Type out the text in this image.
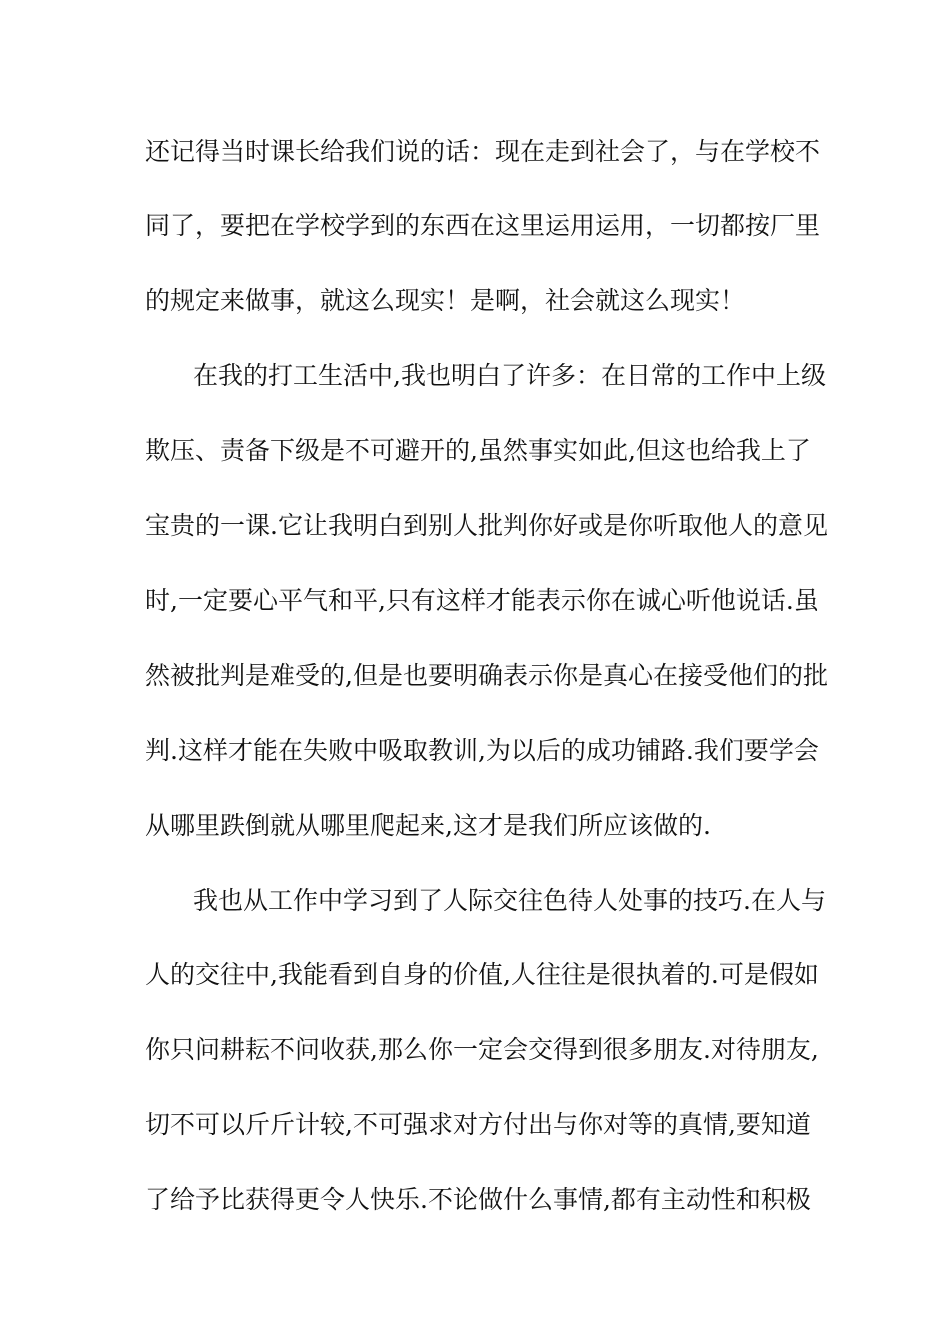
还记得当时课长给我们说的话：现在走到社会了，与在学校不
同了，要把在学校学到的东西在这里运用运用，一切都按厂里
的规定来做事，就这么现实！是啊，社会就这么现实！
在我的打工生活中,我也明白了许多：在日常的工作中上级
欺压、责备下级是不可避开的,虽然事实如此,但这也给我上了
宝贵的一课.它让我明白到别人批判你好或是你听取他人的意见
时,一定要心平气和平,只有这样才能表示你在诚心听他说话.虽
然被批判是难受的,但是也要明确表示你是真心在接受他们的批
判.这样才能在失败中吸取教训,为以后的成功铺路.我们要学会
从哪里跌倒就从哪里爬起来,这才是我们所应该做的.
我也从工作中学习到了人际交往色待人处事的技巧.在人与
人的交往中,我能看到自身的价值,人往往是很执着的.可是假如
你只问耕耘不问收获,那么你一定会交得到很多朋友.对待朋友,
切不可以斤斤计较,不可强求对方付出与你对等的真情,要知道
了给予比获得更令人快乐.不论做什么事情,都有主动性和积极
